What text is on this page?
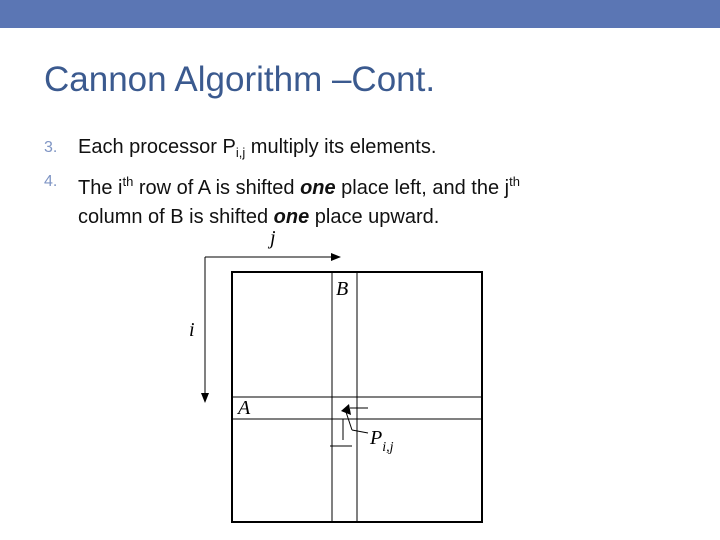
Cannon Algorithm –Cont.
3. Each processor $P_{i,j}$ multiply its elements.
4. The $i^{th}$ row of A is shifted one place left, and the $j^{th}$
column of B is shifted one place upward.
j
i
B
A
$P_{i,j}$
